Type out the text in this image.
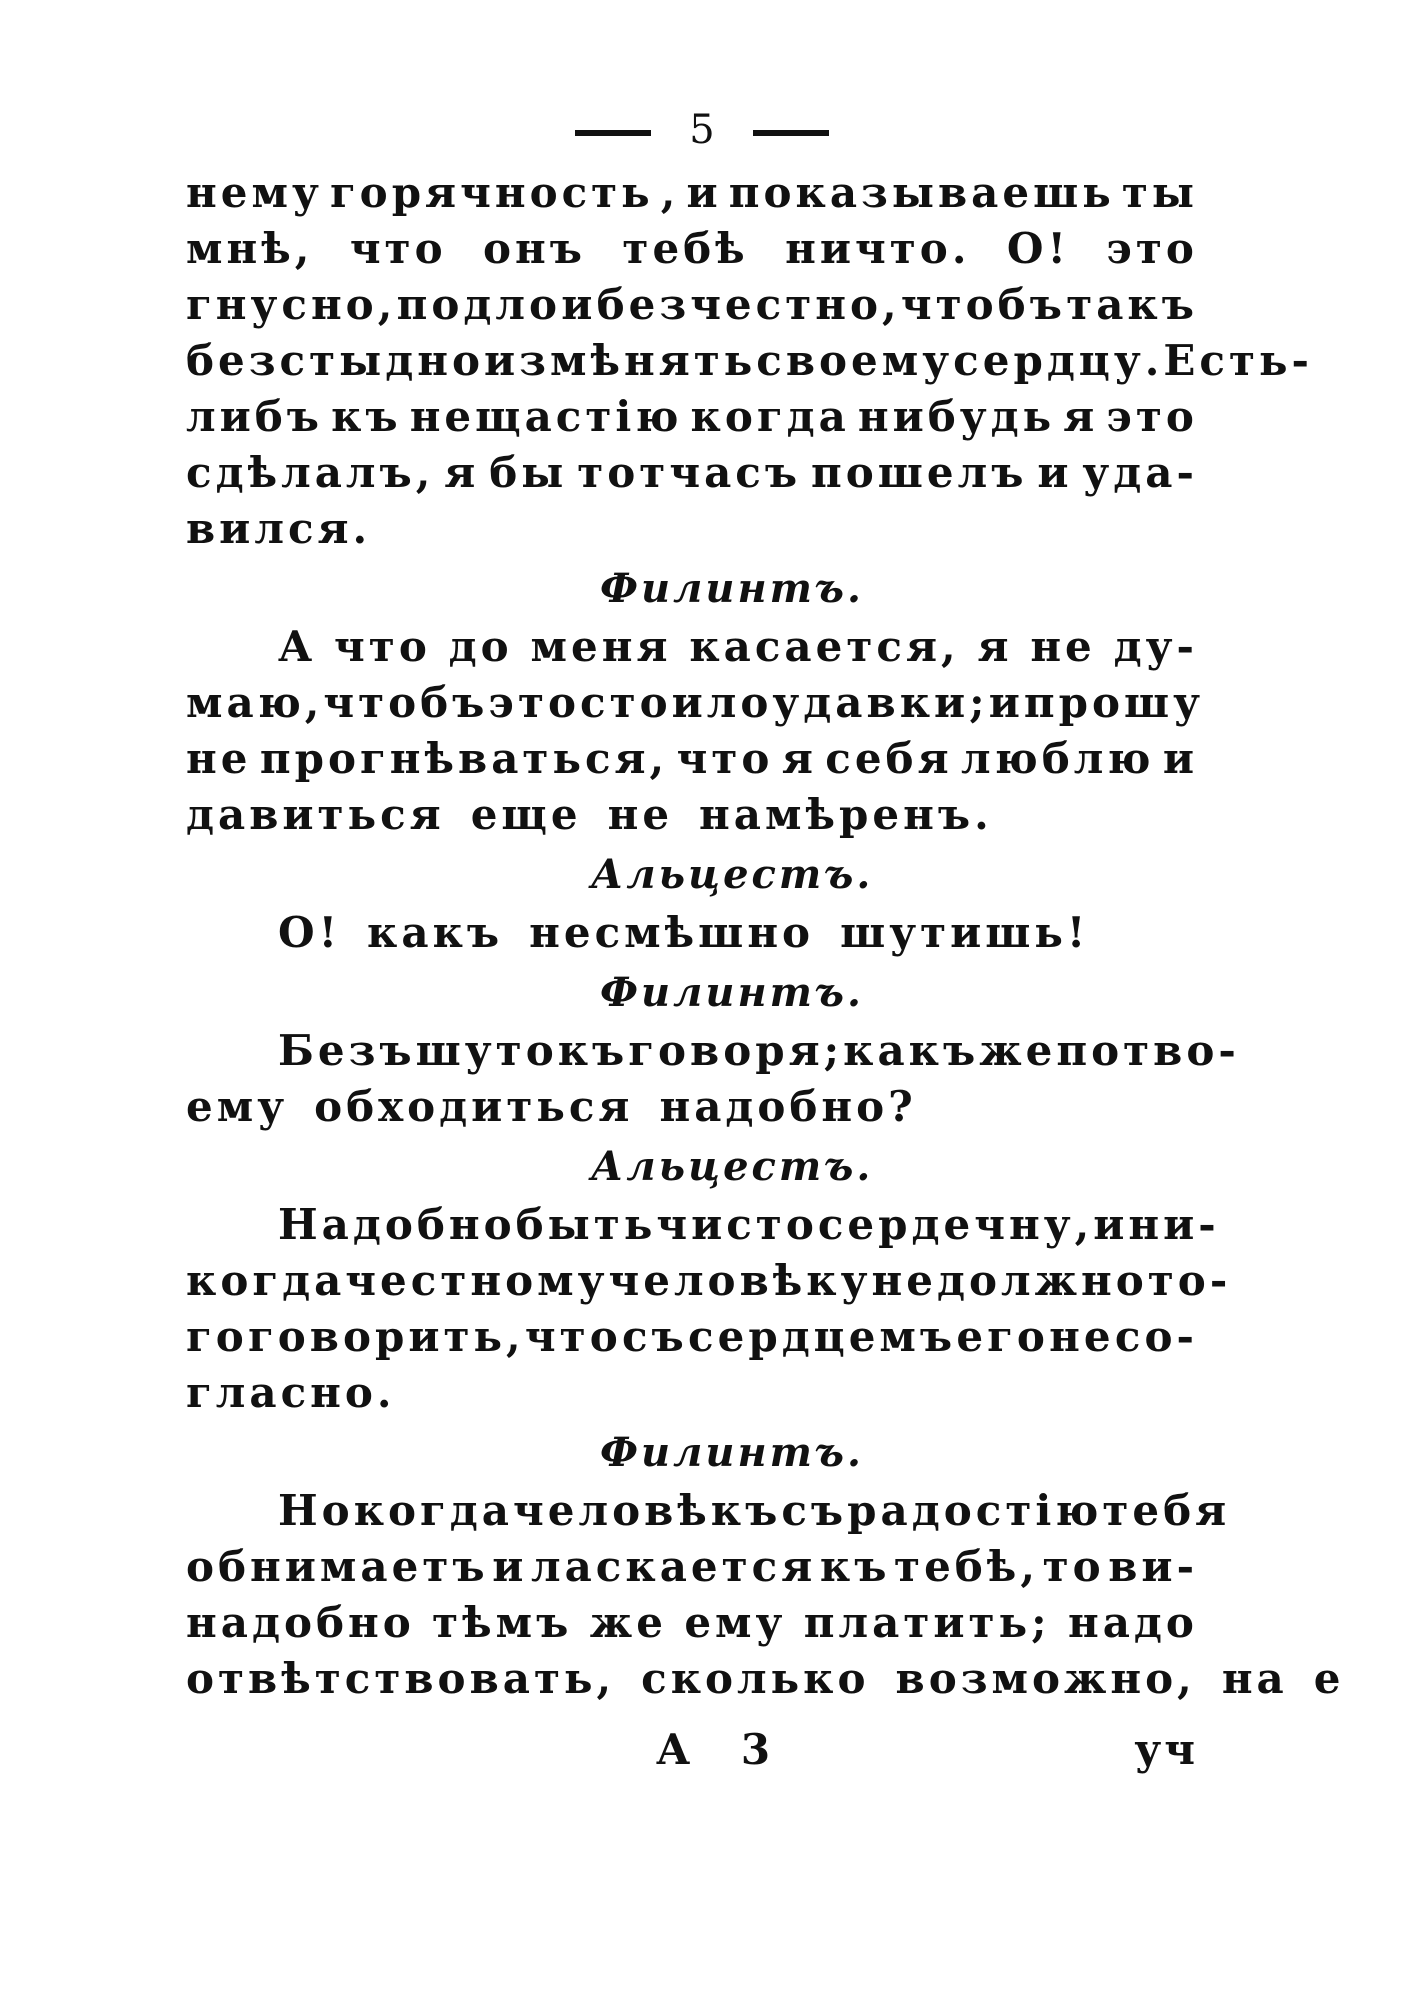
5
нему горячность , и показываешь ты
мнѣ, что онъ тебѣ ничто. О! это
гнусно, подло и безчестно, чтобъ такъ
безстыдно измѣнять своему сердцу. Есть-
либъ къ нещастію когда нибудь я это
сдѣлалъ, я бы тотчасъ пошелъ и уда-
вился.
Филинтъ.
А что до меня касается, я не ду-
маю, чтобъ это стоило удавки; и прошу
не прогнѣваться, что я себя люблю и
давиться еще не намѣренъ.
Альцестъ.
О! какъ несмѣшно шутишь!
Филинтъ.
Безъ шутокъ говоря; какъ же по тво-
ему обходиться надобно?
Альцестъ.
Надобно быть чистосердечну, и ни-
когда честному человѣку не должно то-
го говорить, что съ сердцемъ его не со-
гласно.
Филинтъ.
Но когда человѣкъ съ радостію тебя
обнимаетъ и ласкается къ тебѣ, то ви-
надобно тѣмъ же ему платить; надо
отвѣтствовать, сколько возможно, на е
А 3	уч
